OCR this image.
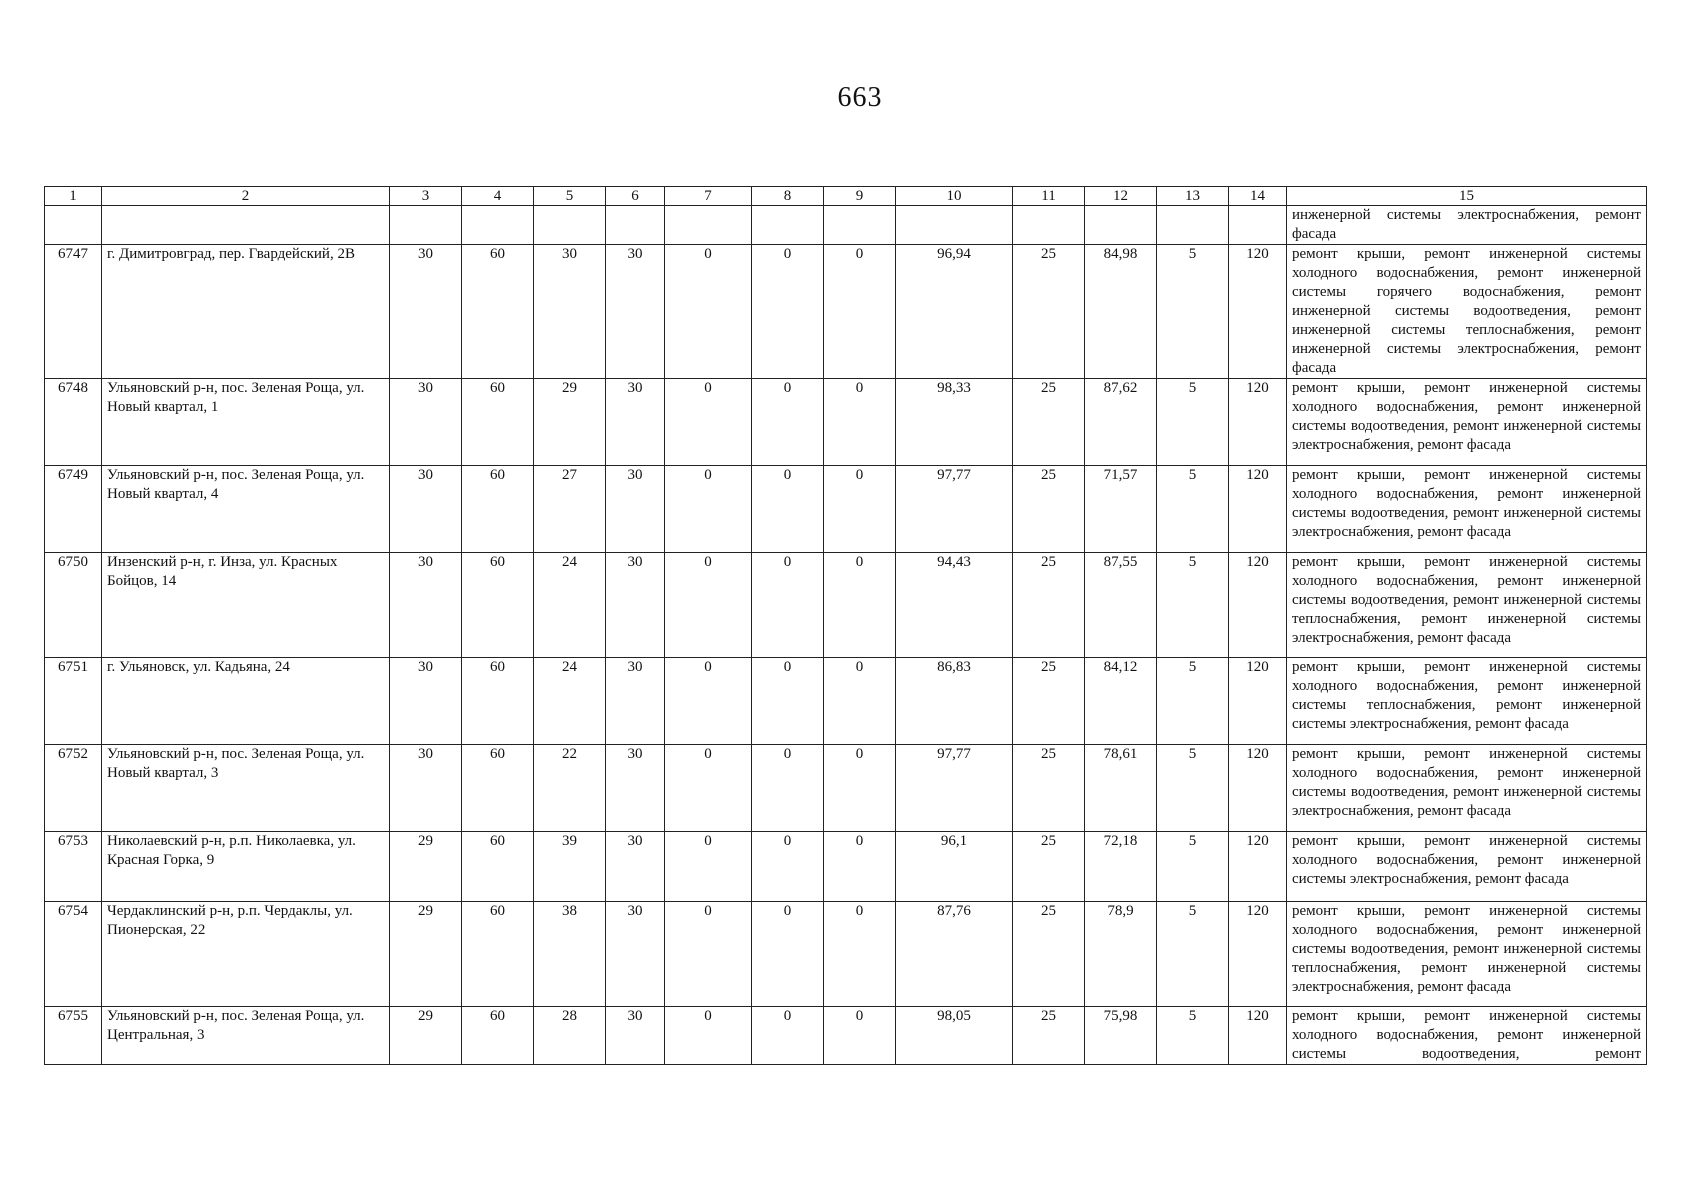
663
1	2	3	4	5	6	7	8	9	10	11	12	13	14	15
														инженерной системы электроснабжения, ремонт фасада
6747	г. Димитровград, пер. Гвардейский, 2В	30	60	30	30	0	0	0	96,94	25	84,98	5	120	ремонт крыши, ремонт инженерной системы холодного водоснабжения, ремонт инженерной системы горячего водоснабжения, ремонт инженерной системы водоотведения, ремонт инженерной системы теплоснабжения, ремонт инженерной системы электроснабжения, ремонт фасада
6748	Ульяновский р-н, пос. Зеленая Роща, ул. Новый квартал, 1	30	60	29	30	0	0	0	98,33	25	87,62	5	120	ремонт крыши, ремонт инженерной системы холодного водоснабжения, ремонт инженерной системы водоотведения, ремонт инженерной системы электроснабжения, ремонт фасада
6749	Ульяновский р-н, пос. Зеленая Роща, ул. Новый квартал, 4	30	60	27	30	0	0	0	97,77	25	71,57	5	120	ремонт крыши, ремонт инженерной системы холодного водоснабжения, ремонт инженерной системы водоотведения, ремонт инженерной системы электроснабжения, ремонт фасада
6750	Инзенский р-н, г. Инза, ул. Красных Бойцов, 14	30	60	24	30	0	0	0	94,43	25	87,55	5	120	ремонт крыши, ремонт инженерной системы холодного водоснабжения, ремонт инженерной системы водоотведения, ремонт инженерной системы теплоснабжения, ремонт инженерной системы электроснабжения, ремонт фасада
6751	г. Ульяновск, ул. Кадьяна, 24	30	60	24	30	0	0	0	86,83	25	84,12	5	120	ремонт крыши, ремонт инженерной системы холодного водоснабжения, ремонт инженерной системы теплоснабжения, ремонт инженерной системы электроснабжения, ремонт фасада
6752	Ульяновский р-н, пос. Зеленая Роща, ул. Новый квартал, 3	30	60	22	30	0	0	0	97,77	25	78,61	5	120	ремонт крыши, ремонт инженерной системы холодного водоснабжения, ремонт инженерной системы водоотведения, ремонт инженерной системы электроснабжения, ремонт фасада
6753	Николаевский р-н, р.п. Николаевка, ул. Красная Горка, 9	29	60	39	30	0	0	0	96,1	25	72,18	5	120	ремонт крыши, ремонт инженерной системы холодного водоснабжения, ремонт инженерной системы электроснабжения, ремонт фасада
6754	Чердаклинский р-н, р.п. Чердаклы, ул. Пионерская, 22	29	60	38	30	0	0	0	87,76	25	78,9	5	120	ремонт крыши, ремонт инженерной системы холодного водоснабжения, ремонт инженерной системы водоотведения, ремонт инженерной системы теплоснабжения, ремонт инженерной системы электроснабжения, ремонт фасада
6755	Ульяновский р-н, пос. Зеленая Роща, ул. Центральная, 3	29	60	28	30	0	0	0	98,05	25	75,98	5	120	ремонт крыши, ремонт инженерной системы холодного водоснабжения, ремонт инженерной системы водоотведения, ремонт
